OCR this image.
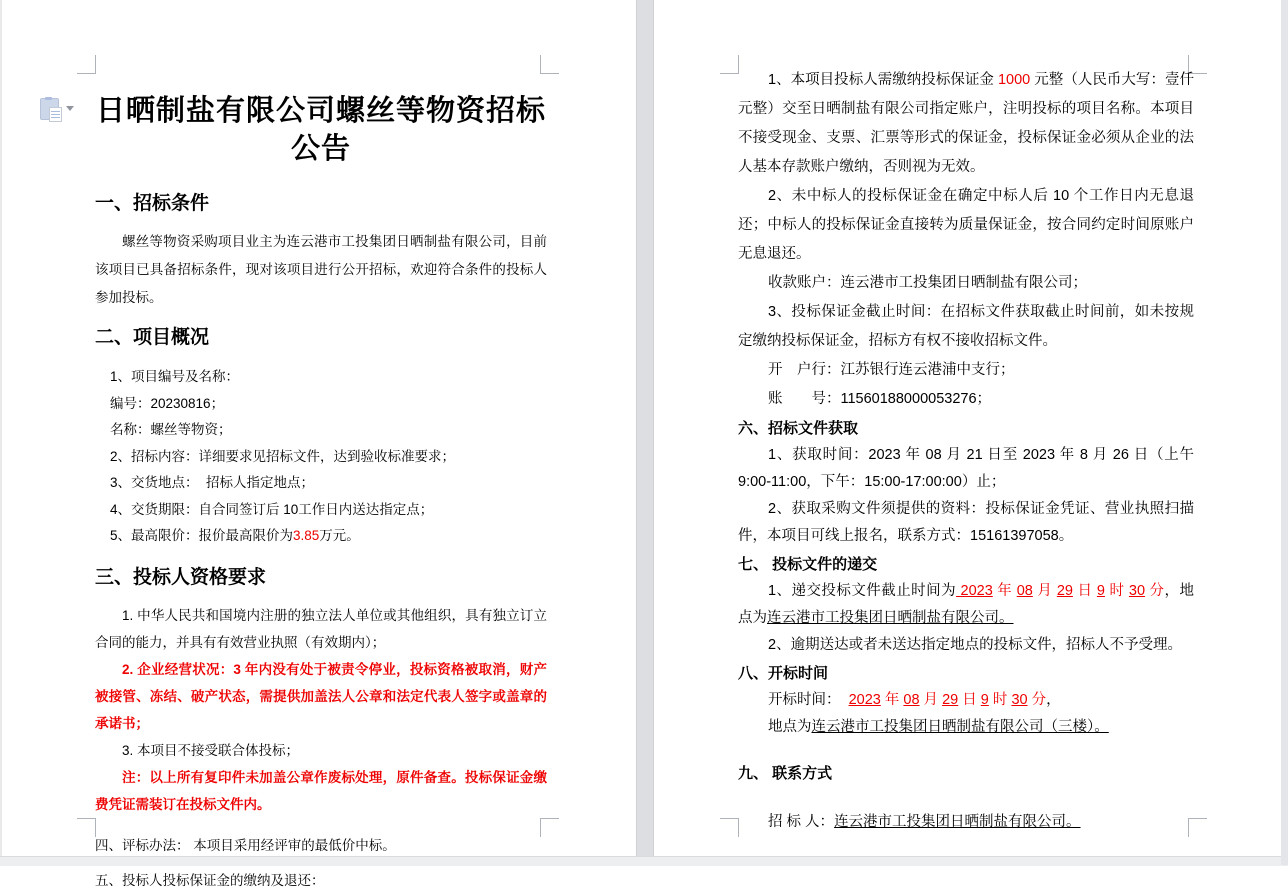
日晒制盐有限公司螺丝等物资招标公告
一、招标条件
螺丝等物资采购项目业主为连云港市工投集团日晒制盐有限公司，目前该项目已具备招标条件，现对该项目进行公开招标，欢迎符合条件的投标人参加投标。
二、项目概况
1、项目编号及名称：
编号：20230816；
名称：螺丝等物资；
2、招标内容：详细要求见招标文件，达到验收标准要求；
3、交货地点：  招标人指定地点；
4、交货期限：自合同签订后 10工作日内送达指定点；
5、最高限价：报价最高限价为3.85万元。
三、投标人资格要求
1. 中华人民共和国境内注册的独立法人单位或其他组织，具有独立订立合同的能力，并具有有效营业执照（有效期内）；
2. 企业经营状况：3 年内没有处于被责令停业，投标资格被取消，财产被接管、冻结、破产状态，需提供加盖法人公章和法定代表人签字或盖章的承诺书；
3. 本项目不接受联合体投标；
注：以上所有复印件未加盖公章作废标处理，原件备查。投标保证金缴费凭证需装订在投标文件内。
四、评标办法： 本项目采用经评审的最低价中标。
五、投标人投标保证金的缴纳及退还：
1、本项目投标人需缴纳投标保证金 1000 元整（人民币大写：壹仟元整）交至日晒制盐有限公司指定账户，注明投标的项目名称。本项目不接受现金、支票、汇票等形式的保证金，投标保证金必须从企业的法人基本存款账户缴纳，否则视为无效。
2、未中标人的投标保证金在确定中标人后 10 个工作日内无息退还；中标人的投标保证金直接转为质量保证金，按合同约定时间原账户无息退还。
收款账户：连云港市工投集团日晒制盐有限公司；
3、投标保证金截止时间：在招标文件获取截止时间前，如未按规定缴纳投标保证金，招标方有权不接收招标文件。
开　户行：江苏银行连云港浦中支行；
账　　号：11560188000053276；
六、招标文件获取
1、获取时间：2023 年 08 月 21 日至 2023 年 8 月 26 日（上午 9:00-11:00，下午：15:00-17:00:00）止；
2、获取采购文件须提供的资料：投标保证金凭证、营业执照扫描件，本项目可线上报名，联系方式：15161397058。
七、 投标文件的递交
1、递交投标文件截止时间为 2023 年 08 月 29 日 9 时 30 分，地点为连云港市工投集团日晒制盐有限公司。
2、逾期送达或者未送达指定地点的投标文件，招标人不予受理。
八、开标时间
开标时间：  2023 年 08 月 29 日 9 时 30 分，
地点为连云港市工投集团日晒制盐有限公司（三楼）。
九、 联系方式
招 标 人：连云港市工投集团日晒制盐有限公司。
